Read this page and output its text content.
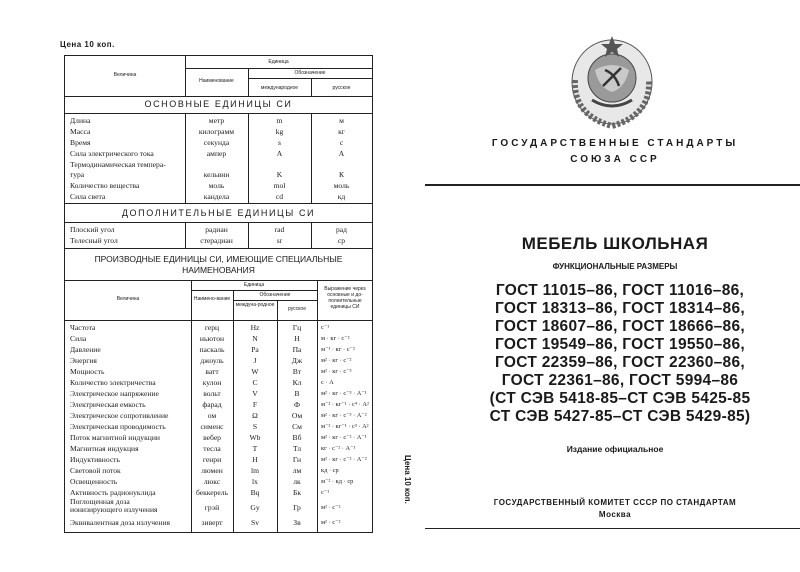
Цена 10 коп.
Величина
Единица
Наименование
Обозначение
международное	русское
ОСНОВНЫЕ ЕДИНИЦЫ СИ
Длина	метр	m	м
Масса	килограмм	kg	кг
Время	секунда	s	с
Сила электрического тока	ампер	A	А
Термодинамическая темпера-
тура	кельвин	K	К
Количество вещества	моль	mol	моль
Сила света	кандела	cd	кд
ДОПОЛНИТЕЛЬНЫЕ ЕДИНИЦЫ СИ
Плоский угол	радиан	rad	рад
Телесный угол	стерадиан	sr	ср
ПРОИЗВОДНЫЕ ЕДИНИЦЫ СИ, ИМЕЮЩИЕ СПЕЦИАЛЬНЫЕ
НАИМЕНОВАНИЯ
Величина
Единица
Наимено-вание
Обозначение
междуна-родное
русское
Выражение через основные и до-полнительные единицы СИ
Частота	герц	Hz	Гц	с⁻¹
Сила	ньютон	N	Н	м · кг · с⁻²
Давление	паскаль	Pa	Па	м⁻¹ · кг · с⁻²
Энергия	джоуль	J	Дж	м² · кг · с⁻²
Мощность	ватт	W	Вт	м² · кг · с⁻³
Количество электричества	кулон	C	Кл	с · А
Электрическое напряжение	вольт	V	В	м² · кг · с⁻³ · А⁻¹
Электрическая емкость	фарад	F	Ф	м⁻² · кг⁻¹ · с⁴ · А²
Электрическое сопротивление	ом	Ω	Ом	м² · кг · с⁻³ · А⁻²
Электрическая проводимость	сименс	S	См	м⁻² · кг⁻¹ · с³ · А²
Поток магнитной индукции	вебер	Wb	Вб	м² · кг · с⁻² · А⁻¹
Магнитная индукция	тесла	T	Тл	кг · с⁻² · А⁻¹
Индуктивность	генри	H	Гн	м² · кг · с⁻² · А⁻²
Световой поток	люмен	lm	лм	кд · ср
Освещенность	люкс	lx	лк	м⁻² · кд · ср
Активность радионуклида	беккерель	Bq	Бк	с⁻¹
Поглощенная доза
ионизирующего излучения	грэй	Gy	Гр	м² · с⁻²
Эквивалентная доза излучения	зиверт	Sv	Зв	м² · с⁻²
ГОСУДАРСТВЕННЫЕ СТАНДАРТЫ
СОЮЗА ССР
МЕБЕЛЬ ШКОЛЬНАЯ
ФУНКЦИОНАЛЬНЫЕ РАЗМЕРЫ
ГОСТ 11015–86, ГОСТ 11016–86,
ГОСТ 18313–86, ГОСТ 18314–86,
ГОСТ 18607–86, ГОСТ 18666–86,
ГОСТ 19549–86, ГОСТ 19550–86,
ГОСТ 22359–86, ГОСТ 22360–86,
ГОСТ 22361–86, ГОСТ 5994–86
(СТ СЭВ 5418-85–СТ СЭВ 5425-85
СТ СЭВ 5427-85–СТ СЭВ 5429-85)
Издание официальное
ГОСУДАРСТВЕННЫЙ КОМИТЕТ СССР ПО СТАНДАРТАМ
Москва
Цена 10 коп.
